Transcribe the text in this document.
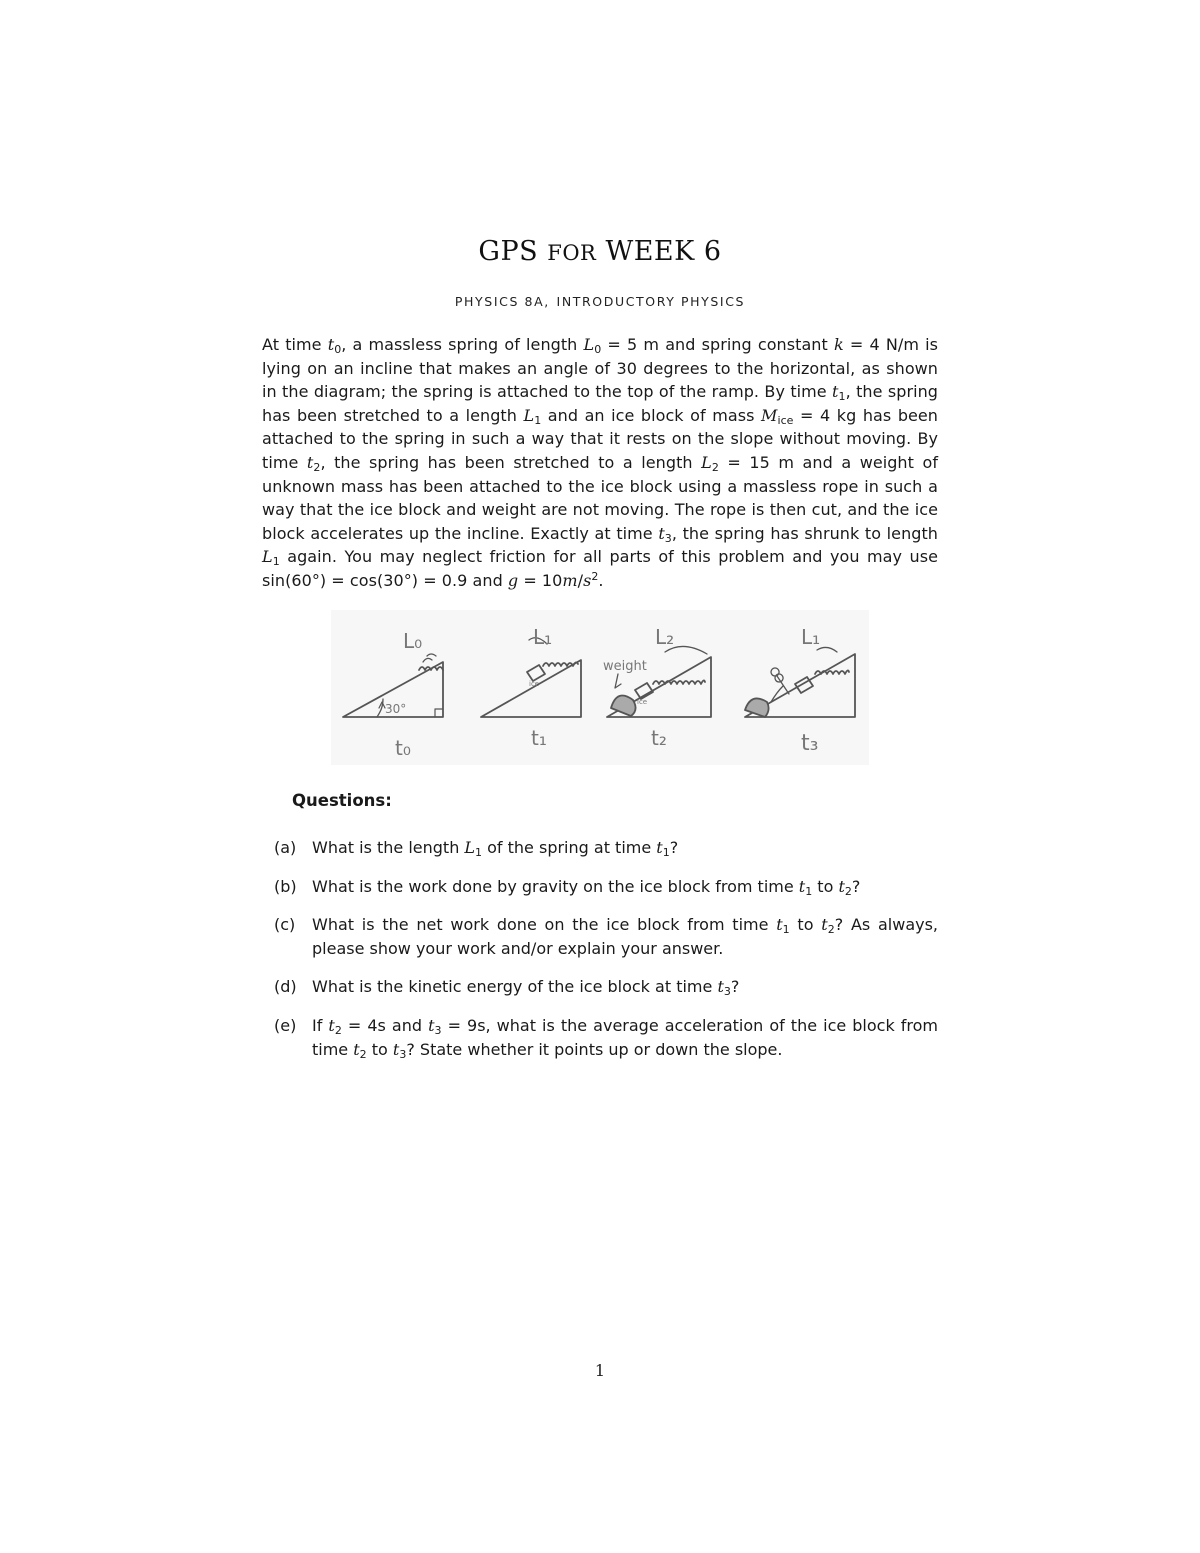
GPS FOR WEEK 6
PHYSICS 8A, INTRODUCTORY PHYSICS
At time $t_0$, a massless spring of length $L_0 = 5$ m and spring constant k = 4 N/m is lying on an incline that makes an angle of 30 degrees to the horizontal, as shown in the diagram; the spring is attached to the top of the ramp. By time $t_1$, the spring has been stretched to a length $L_1$ and an ice block of mass $M_{ice} = 4$ kg has been attached to the spring in such a way that it rests on the slope without moving. By time $t_2$, the spring has been stretched to a length $L_2 = 15$ m and a weight of unknown mass has been attached to the ice block using a massless rope in such a way that the ice block and weight are not moving. The rope is then cut, and the ice block accelerates up the incline. Exactly at time $t_3$, the spring has shrunk to length $L_1$ again. You may neglect friction for all parts of this problem and you may use sin(60°) = cos(30°) = 0.9 and $g = 10m/s^2$.
L₀
30°
t₀
L₁
ice
t₁
L₂
weight
ice
t₂
L₁
t₃
Questions:
(a) What is the length $L_1$ of the spring at time $t_1$?
(b) What is the work done by gravity on the ice block from time $t_1$ to $t_2$?
(c) What is the net work done on the ice block from time $t_1$ to $t_2$? As always, please show your work and/or explain your answer.
(d) What is the kinetic energy of the ice block at time $t_3$?
(e) If $t_2 = 4s$ and $t_3 = 9s$, what is the average acceleration of the ice block from time $t_2$ to $t_3$? State whether it points up or down the slope.
1
